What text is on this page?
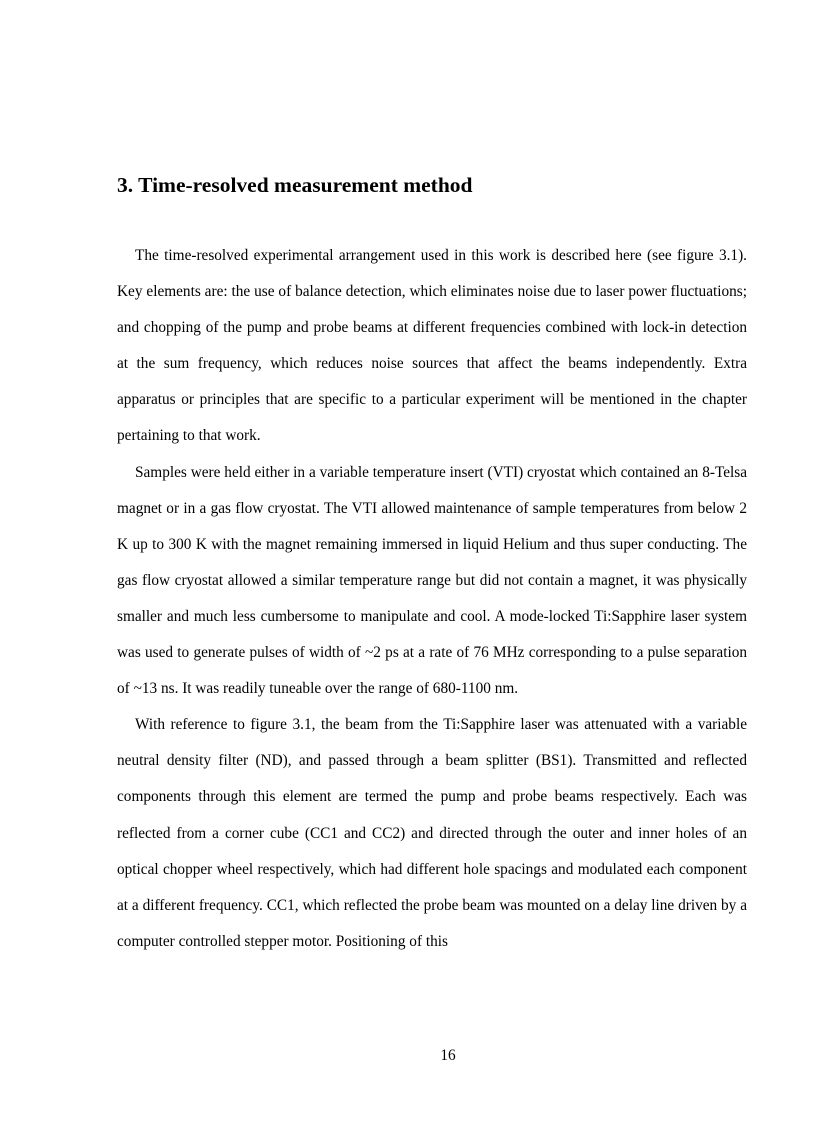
3. Time-resolved measurement method

The time-resolved experimental arrangement used in this work is described here (see figure 3.1). Key elements are: the use of balance detection, which eliminates noise due to laser power fluctuations; and chopping of the pump and probe beams at different frequencies combined with lock-in detection at the sum frequency, which reduces noise sources that affect the beams independently. Extra apparatus or principles that are specific to a particular experiment will be mentioned in the chapter pertaining to that work.

Samples were held either in a variable temperature insert (VTI) cryostat which contained an 8-Telsa magnet or in a gas flow cryostat. The VTI allowed maintenance of sample temperatures from below 2 K up to 300 K with the magnet remaining immersed in liquid Helium and thus super conducting. The gas flow cryostat allowed a similar temperature range but did not contain a magnet, it was physically smaller and much less cumbersome to manipulate and cool. A mode-locked Ti:Sapphire laser system was used to generate pulses of width of ~2 ps at a rate of 76 MHz corresponding to a pulse separation of ~13 ns. It was readily tuneable over the range of 680-1100 nm.

With reference to figure 3.1, the beam from the Ti:Sapphire laser was attenuated with a variable neutral density filter (ND), and passed through a beam splitter (BS1). Transmitted and reflected components through this element are termed the pump and probe beams respectively. Each was reflected from a corner cube (CC1 and CC2) and directed through the outer and inner holes of an optical chopper wheel respectively, which had different hole spacings and modulated each component at a different frequency. CC1, which reflected the probe beam was mounted on a delay line driven by a computer controlled stepper motor. Positioning of this

16
